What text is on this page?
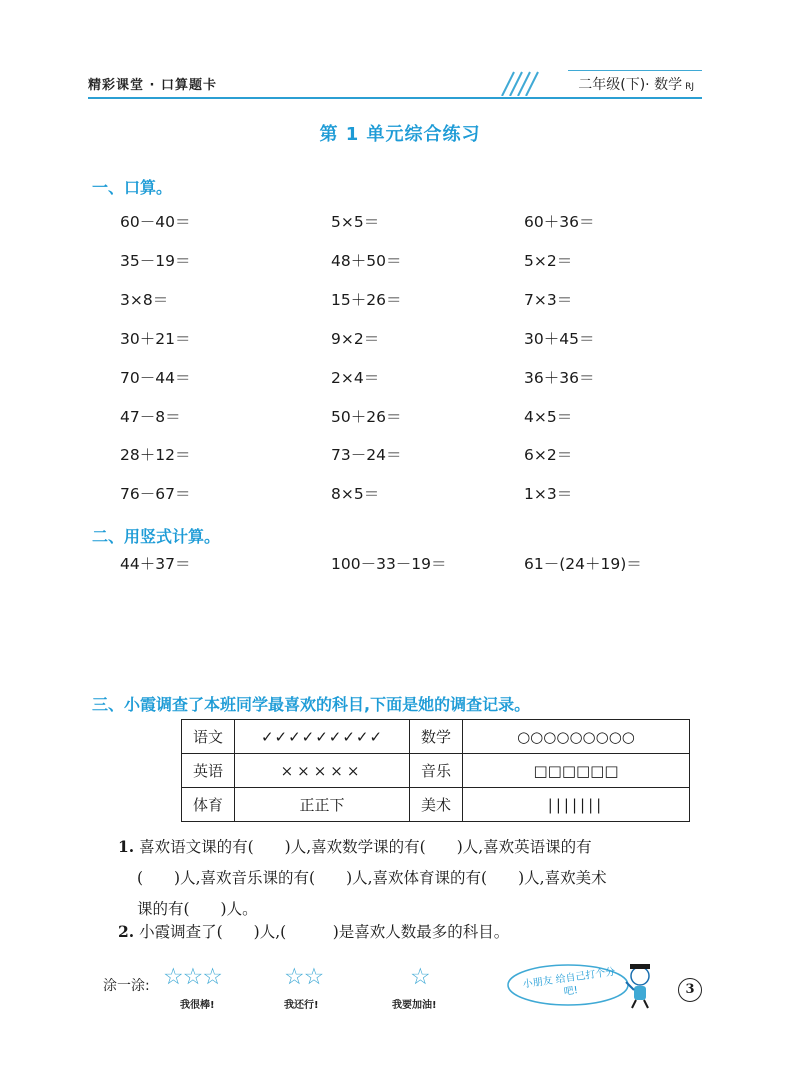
精彩课堂 · 口算题卡	二年级(下)· 数学 RJ
第 1 单元综合练习
一、口算。
60－40＝	5×5＝	60＋36＝
35－19＝	48＋50＝	5×2＝
3×8＝	15＋26＝	7×3＝
30＋21＝	9×2＝	30＋45＝
70－44＝	2×4＝	36＋36＝
47－8＝	50＋26＝	4×5＝
28＋12＝	73－24＝	6×2＝
76－67＝	8×5＝	1×3＝
二、用竖式计算。
44＋37＝	100－33－19＝	61－(24＋19)＝
三、小霞调查了本班同学最喜欢的科目,下面是她的调查记录。
语文	✓✓✓✓✓✓✓✓✓	数学	○○○○○○○○○
英语	×××××	音乐	□□□□□□
体育	正正下	美术	|||||||
1. 喜欢语文课的有(　　)人,喜欢数学课的有(　　)人,喜欢英语课的有
(　　)人,喜欢音乐课的有(　　)人,喜欢体育课的有(　　)人,喜欢美术
课的有(　　)人。
2. 小霞调查了(　　)人,(　　　)是喜欢人数最多的科目。
涂一涂: ☆☆☆
我很棒!
☆☆
我还行!
☆
我要加油!
小朋友 给自己打个分吧!	3
